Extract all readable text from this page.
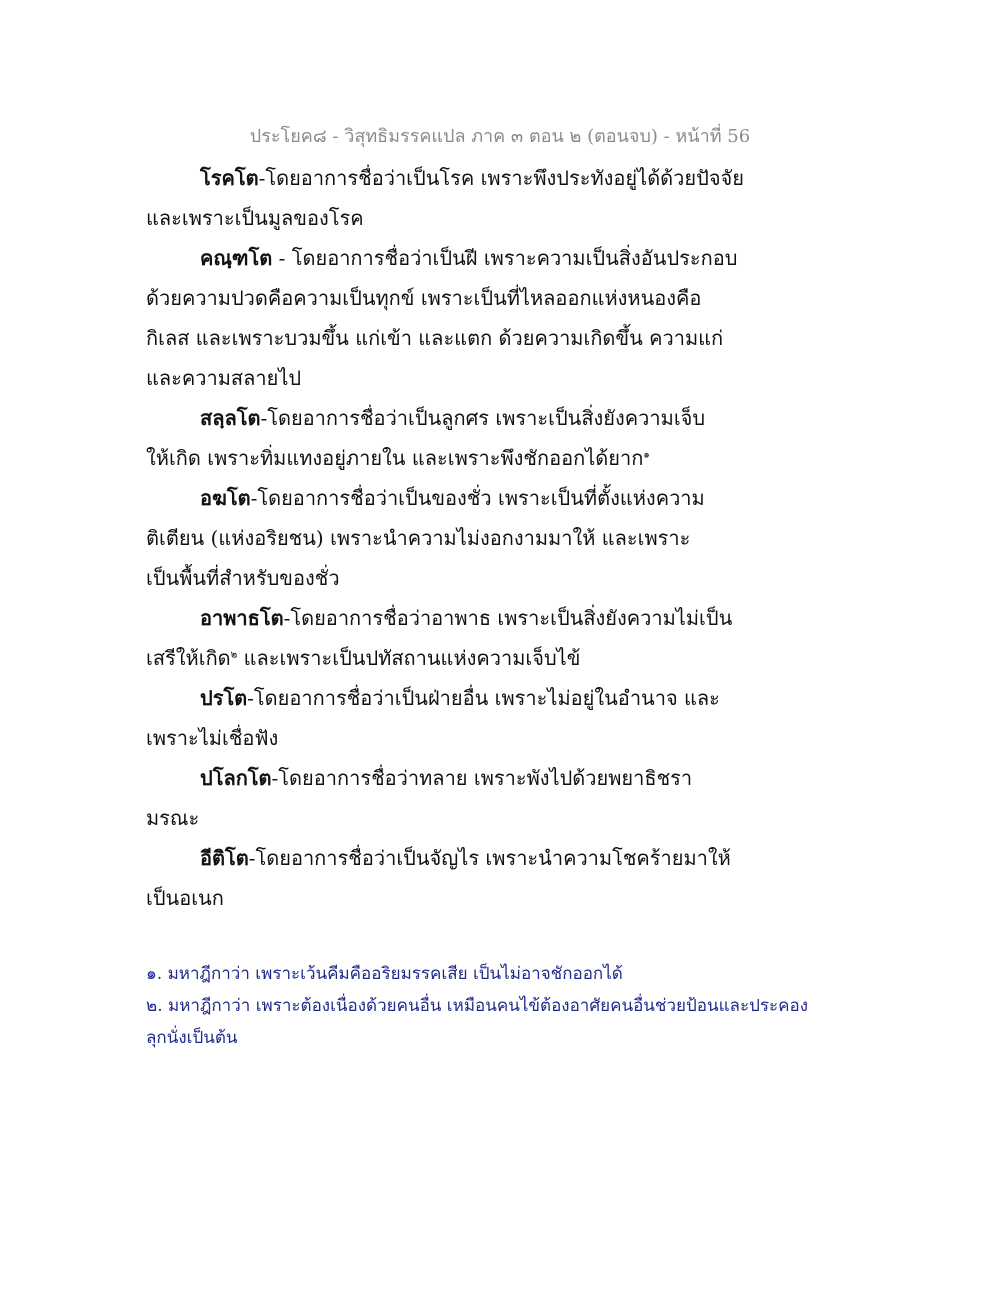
ประโยค๘ - วิสุทธิมรรคแปล ภาค ๓ ตอน ๒ (ตอนจบ) - หน้าที่ 56

โรคโต-โดยอาการชื่อว่าเป็นโรค เพราะพึงประทังอยู่ได้ด้วยปัจจัย
และเพราะเป็นมูลของโรค

คณฺฑโต - โดยอาการชื่อว่าเป็นฝี เพราะความเป็นสิ่งอันประกอบ
ด้วยความปวดคือความเป็นทุกข์ เพราะเป็นที่ไหลออกแห่งหนองคือ
กิเลส และเพราะบวมขึ้น แก่เข้า และแตก ด้วยความเกิดขึ้น ความแก่
และความสลายไป

สลฺลโต-โดยอาการชื่อว่าเป็นลูกศร เพราะเป็นสิ่งยังความเจ็บ
ให้เกิด เพราะทิ่มแทงอยู่ภายใน และเพราะพึงชักออกได้ยาก$^๑$

อฆโต-โดยอาการชื่อว่าเป็นของชั่ว เพราะเป็นที่ตั้งแห่งความ
ติเตียน (แห่งอริยชน) เพราะนำความไม่งอกงามมาให้ และเพราะ
เป็นพื้นที่สำหรับของชั่ว

อาพาธโต-โดยอาการชื่อว่าอาพาธ เพราะเป็นสิ่งยังความไม่เป็น
เสรีให้เกิด$^๒$ และเพราะเป็นปทัสถานแห่งความเจ็บไข้

ปรโต-โดยอาการชื่อว่าเป็นฝ่ายอื่น เพราะไม่อยู่ในอำนาจ และ
เพราะไม่เชื่อฟัง

ปโลกโต-โดยอาการชื่อว่าทลาย เพราะพังไปด้วยพยาธิชรา
มรณะ

อีติโต-โดยอาการชื่อว่าเป็นจัญไร เพราะนำความโชคร้ายมาให้
เป็นอเนก

๑. มหาฎีกาว่า เพราะเว้นคีมคืออริยมรรคเสีย เป็นไม่อาจชักออกได้
๒. มหาฎีกาว่า เพราะต้องเนื่องด้วยคนอื่น เหมือนคนไข้ต้องอาศัยคนอื่นช่วยป้อนและประคอง
ลุกนั่งเป็นต้น
